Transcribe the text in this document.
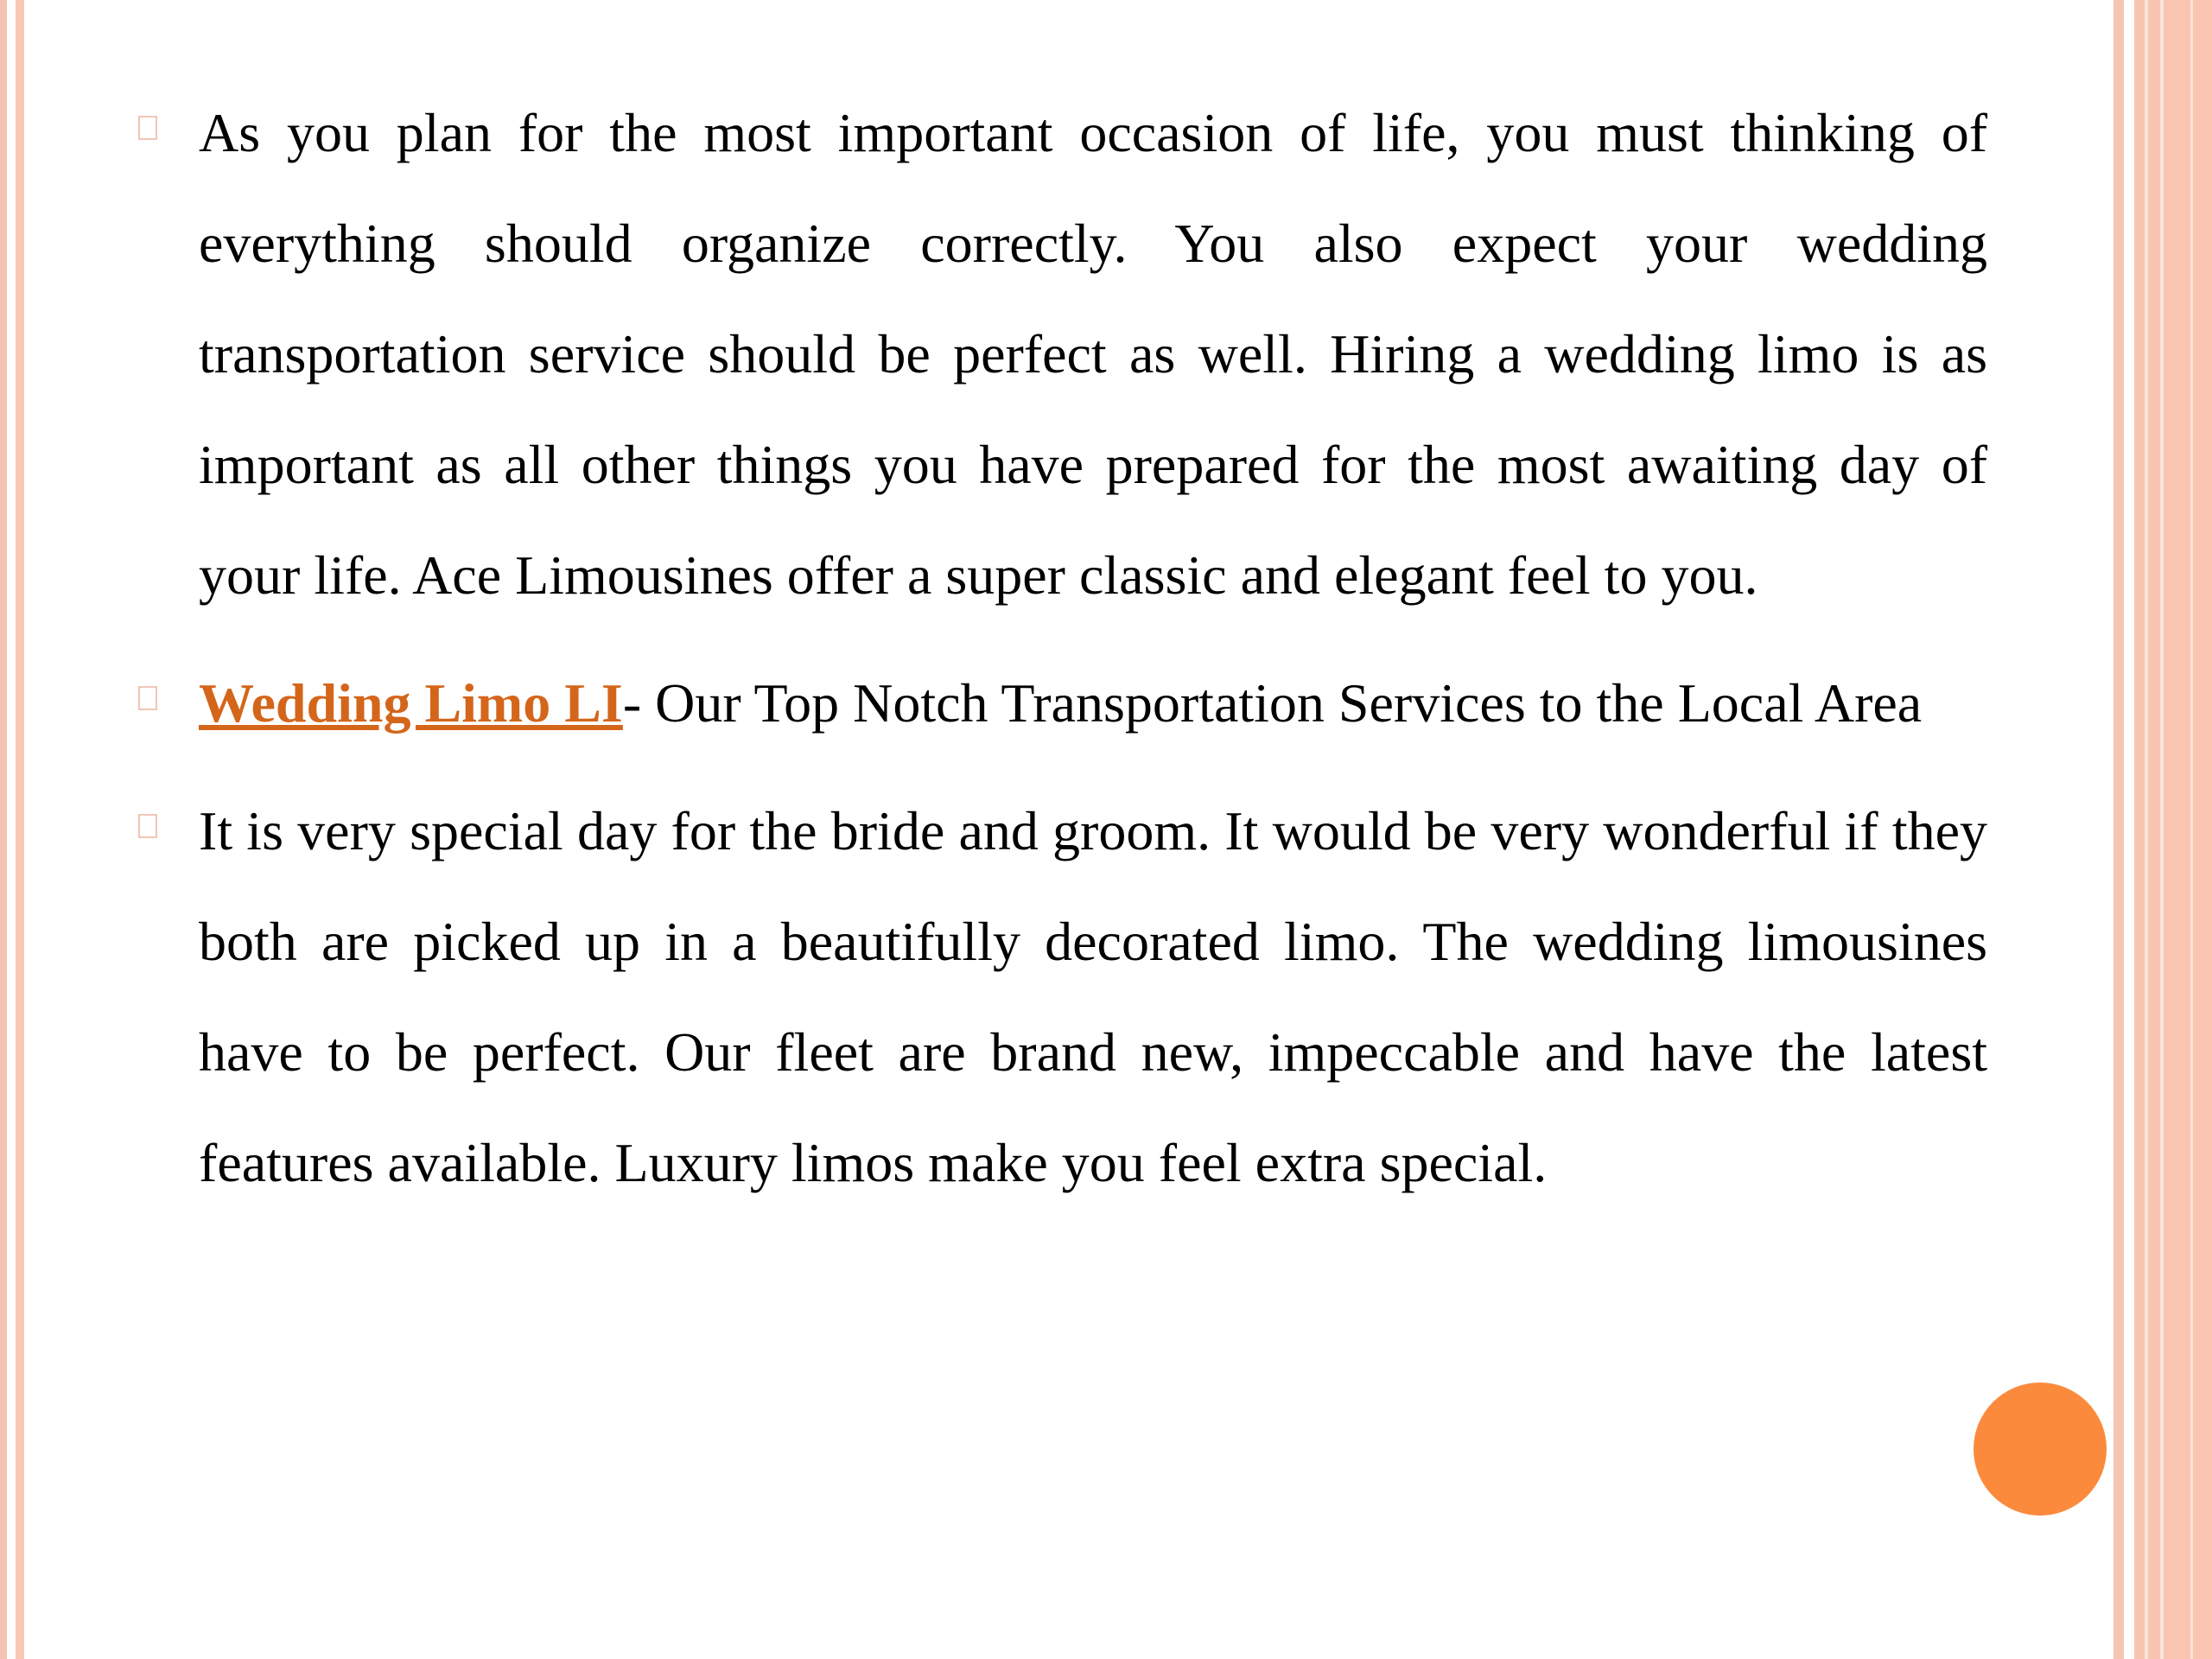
As you plan for the most important occasion of life, you must thinking of everything should organize correctly. You also expect your wedding transportation service should be perfect as well. Hiring a wedding limo is as important as all other things you have prepared for the most awaiting day of your life. Ace Limousines offer a super classic and elegant feel to you.

Wedding Limo LI- Our Top Notch Transportation Services to the Local Area

It is very special day for the bride and groom. It would be very wonderful if they both are picked up in a beautifully decorated limo. The wedding limousines have to be perfect. Our fleet are brand new, impeccable and have the latest features available. Luxury limos make you feel extra special.
